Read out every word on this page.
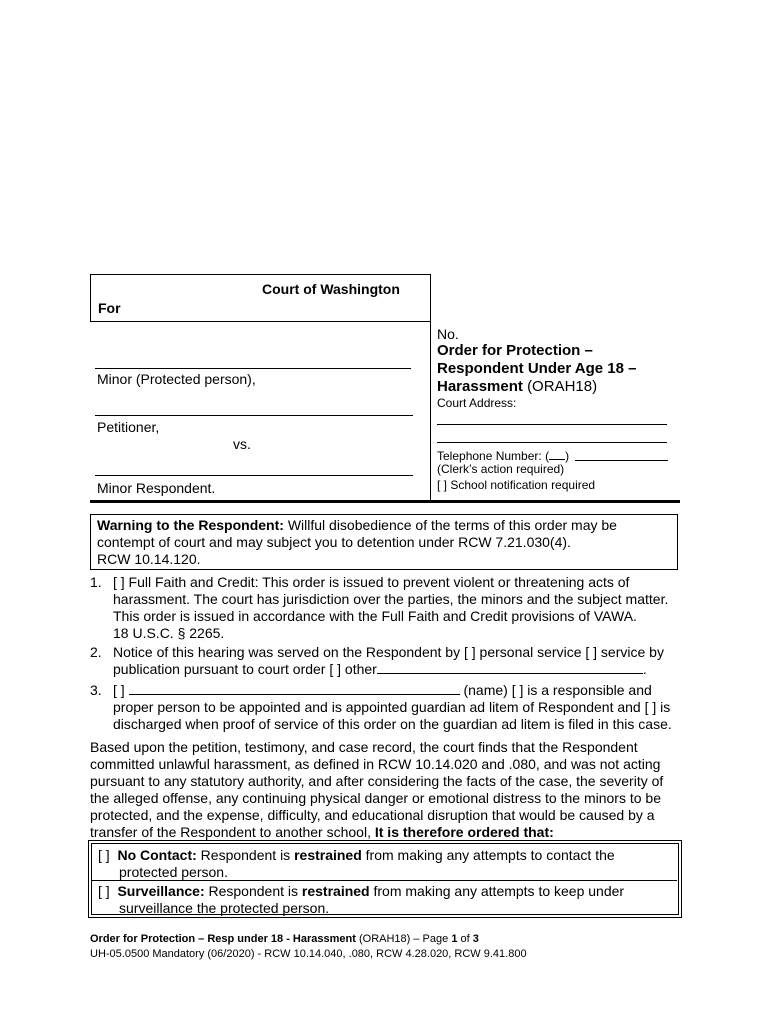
Court of Washington
For
Minor (Protected person),
Petitioner,
vs.
Minor Respondent.
No.
Order for Protection –
Respondent Under Age 18 –
Harassment (ORAH18)
Court Address:
Telephone Number: ( )
(Clerk’s action required)
[ ] School notification required
Warning to the Respondent: Willful disobedience of the terms of this order may be
contempt of court and may subject you to detention under RCW 7.21.030(4).
RCW 10.14.120.
1. [ ] Full Faith and Credit: This order is issued to prevent violent or threatening acts of
harassment. The court has jurisdiction over the parties, the minors and the subject matter.
This order is issued in accordance with the Full Faith and Credit provisions of VAWA.
18 U.S.C. § 2265.
2. Notice of this hearing was served on the Respondent by [ ] personal service [ ] service by
publication pursuant to court order [ ] other	.
3. [ ]	(name) [ ] is a responsible and
proper person to be appointed and is appointed guardian ad litem of Respondent and [ ] is
discharged when proof of service of this order on the guardian ad litem is filed in this case.
Based upon the petition, testimony, and case record, the court finds that the Respondent
committed unlawful harassment, as defined in RCW 10.14.020 and .080, and was not acting
pursuant to any statutory authority, and after considering the facts of the case, the severity of
the alleged offense, any continuing physical danger or emotional distress to the minors to be
protected, and the expense, difficulty, and educational disruption that would be caused by a
transfer of the Respondent to another school, It is therefore ordered that:
[ ] No Contact: Respondent is restrained from making any attempts to contact the
protected person.
[ ] Surveillance: Respondent is restrained from making any attempts to keep under
surveillance the protected person.
Order for Protection – Resp under 18 - Harassment (ORAH18) – Page 1 of 3
UH-05.0500 Mandatory (06/2020) - RCW 10.14.040, .080, RCW 4.28.020, RCW 9.41.800
